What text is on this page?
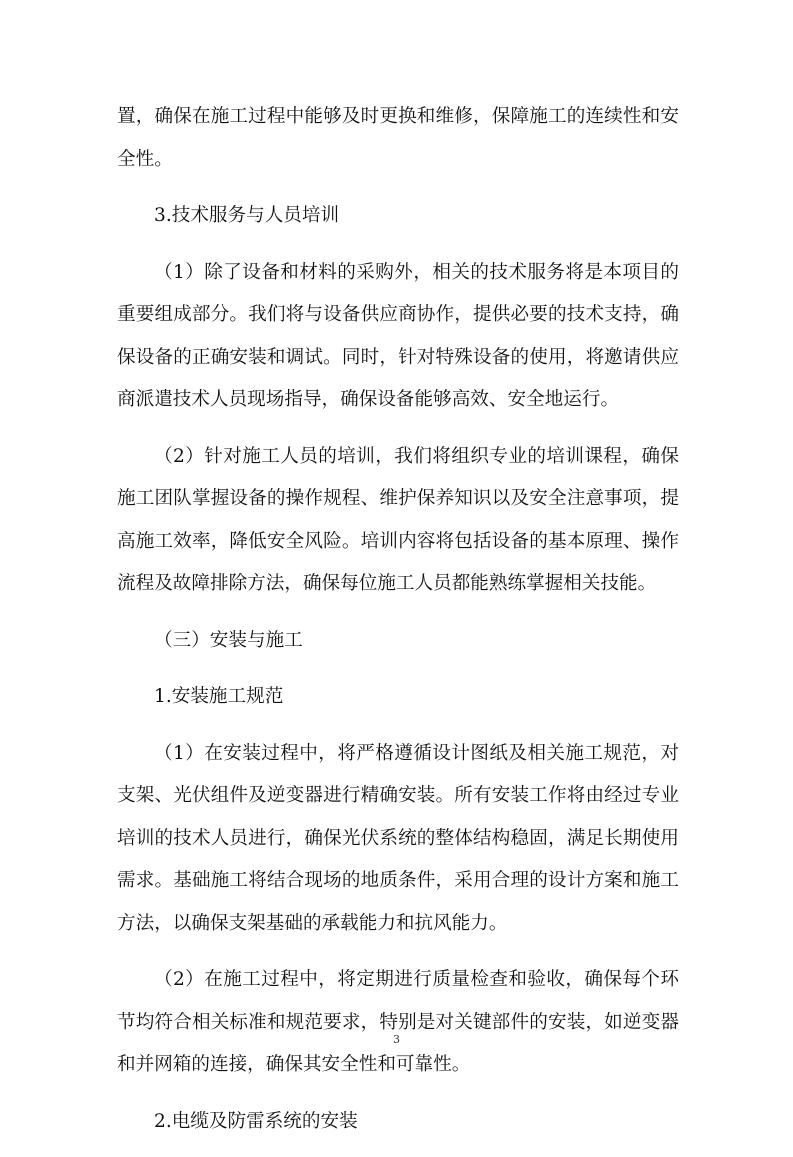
置，确保在施工过程中能够及时更换和维修，保障施工的连续性和安全性。

3.技术服务与人员培训

（1）除了设备和材料的采购外，相关的技术服务将是本项目的重要组成部分。我们将与设备供应商协作，提供必要的技术支持，确保设备的正确安装和调试。同时，针对特殊设备的使用，将邀请供应商派遣技术人员现场指导，确保设备能够高效、安全地运行。

（2）针对施工人员的培训，我们将组织专业的培训课程，确保施工团队掌握设备的操作规程、维护保养知识以及安全注意事项，提高施工效率，降低安全风险。培训内容将包括设备的基本原理、操作流程及故障排除方法，确保每位施工人员都能熟练掌握相关技能。

（三）安装与施工

1.安装施工规范

（1）在安装过程中，将严格遵循设计图纸及相关施工规范，对支架、光伏组件及逆变器进行精确安装。所有安装工作将由经过专业培训的技术人员进行，确保光伏系统的整体结构稳固，满足长期使用需求。基础施工将结合现场的地质条件，采用合理的设计方案和施工方法，以确保支架基础的承载能力和抗风能力。

（2）在施工过程中，将定期进行质量检查和验收，确保每个环节均符合相关标准和规范要求，特别是对关键部件的安装，如逆变器和并网箱的连接，确保其安全性和可靠性。

2.电缆及防雷系统的安装

3
